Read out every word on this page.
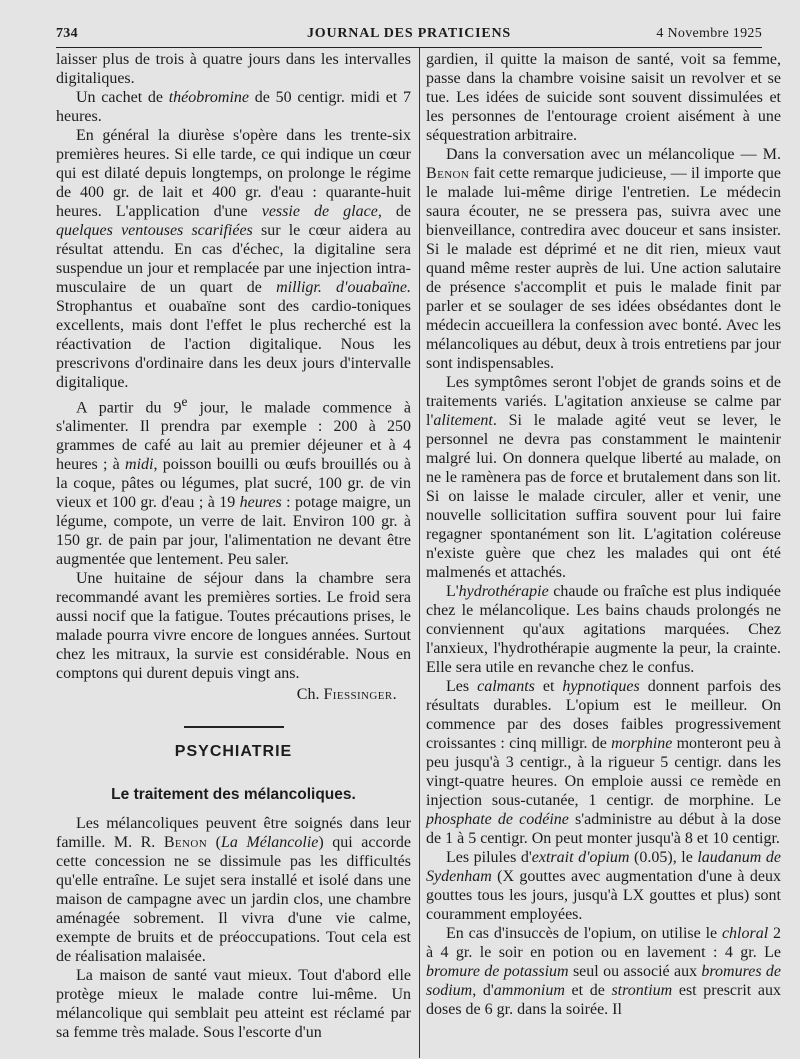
734	JOURNAL DES PRATICIENS	4 Novembre 1925

laisser plus de trois à quatre jours dans les intervalles digitaliques.

Un cachet de théobromine de 50 centigr. midi et 7 heures.

En général la diurèse s'opère dans les trente-six premières heures. Si elle tarde, ce qui indique un cœur qui est dilaté depuis longtemps, on prolonge le régime de 400 gr. de lait et 400 gr. d'eau : quarante-huit heures. L'application d'une vessie de glace, de quelques ventouses scarifiées sur le cœur aidera au résultat attendu. En cas d'échec, la digitaline sera suspendue un jour et remplacée par une injection intra-musculaire de un quart de milligr. d'ouabaïne. Strophantus et ouabaïne sont des cardio-toniques excellents, mais dont l'effet le plus recherché est la réactivation de l'action digitalique. Nous les prescrivons d'ordinaire dans les deux jours d'intervalle digitalique.

A partir du 9e jour, le malade commence à s'alimenter. Il prendra par exemple : 200 à 250 grammes de café au lait au premier déjeuner et à 4 heures ; à midi, poisson bouilli ou œufs brouillés ou à la coque, pâtes ou légumes, plat sucré, 100 gr. de vin vieux et 100 gr. d'eau ; à 19 heures : potage maigre, un légume, compote, un verre de lait. Environ 100 gr. à 150 gr. de pain par jour, l'alimentation ne devant être augmentée que lentement. Peu saler.

Une huitaine de séjour dans la chambre sera recommandé avant les premières sorties. Le froid sera aussi nocif que la fatigue. Toutes précautions prises, le malade pourra vivre encore de longues années. Surtout chez les mitraux, la survie est considérable. Nous en comptons qui durent depuis vingt ans.

Ch. Fiessinger.

PSYCHIATRIE
Le traitement des mélancoliques.

Les mélancoliques peuvent être soignés dans leur famille. M. R. Benon (La Mélancolie) qui accorde cette concession ne se dissimule pas les difficultés qu'elle entraîne. Le sujet sera installé et isolé dans une maison de campagne avec un jardin clos, une chambre aménagée sobrement. Il vivra d'une vie calme, exempte de bruits et de préoccupations. Tout cela est de réalisation malaisée.

La maison de santé vaut mieux. Tout d'abord elle protège mieux le malade contre lui-même. Un mélancolique qui semblait peu atteint est réclamé par sa femme très malade. Sous l'escorte d'un

gardien, il quitte la maison de santé, voit sa femme, passe dans la chambre voisine saisit un revolver et se tue. Les idées de suicide sont souvent dissimulées et les personnes de l'entourage croient aisément à une séquestration arbitraire.

Dans la conversation avec un mélancolique — M. Benon fait cette remarque judicieuse, — il importe que le malade lui-même dirige l'entretien. Le médecin saura écouter, ne se pressera pas, suivra avec une bienveillance, contredira avec douceur et sans insister. Si le malade est déprimé et ne dit rien, mieux vaut quand même rester auprès de lui. Une action salutaire de présence s'accomplit et puis le malade finit par parler et se soulager de ses idées obsédantes dont le médecin accueillera la confession avec bonté. Avec les mélancoliques au début, deux à trois entretiens par jour sont indispensables.

Les symptômes seront l'objet de grands soins et de traitements variés. L'agitation anxieuse se calme par l'alitement. Si le malade agité veut se lever, le personnel ne devra pas constamment le maintenir malgré lui. On donnera quelque liberté au malade, on ne le ramènera pas de force et brutalement dans son lit. Si on laisse le malade circuler, aller et venir, une nouvelle sollicitation suffira souvent pour lui faire regagner spontanément son lit. L'agitation coléreuse n'existe guère que chez les malades qui ont été malmenés et attachés.

L'hydrothérapie chaude ou fraîche est plus indiquée chez le mélancolique. Les bains chauds prolongés ne conviennent qu'aux agitations marquées. Chez l'anxieux, l'hydrothérapie augmente la peur, la crainte. Elle sera utile en revanche chez le confus.

Les calmants et hypnotiques donnent parfois des résultats durables. L'opium est le meilleur. On commence par des doses faibles progressivement croissantes : cinq milligr. de morphine monteront peu à peu jusqu'à 3 centigr., à la rigueur 5 centigr. dans les vingt-quatre heures. On emploie aussi ce remède en injection sous-cutanée, 1 centigr. de morphine. Le phosphate de codéine s'administre au début à la dose de 1 à 5 centigr. On peut monter jusqu'à 8 et 10 centigr.

Les pilules d'extrait d'opium (0.05), le laudanum de Sydenham (X gouttes avec augmentation d'une à deux gouttes tous les jours, jusqu'à LX gouttes et plus) sont couramment employées.

En cas d'insuccès de l'opium, on utilise le chloral 2 à 4 gr. le soir en potion ou en lavement : 4 gr. Le bromure de potassium seul ou associé aux bromures de sodium, d'ammonium et de strontium est prescrit aux doses de 6 gr. dans la soirée. Il
